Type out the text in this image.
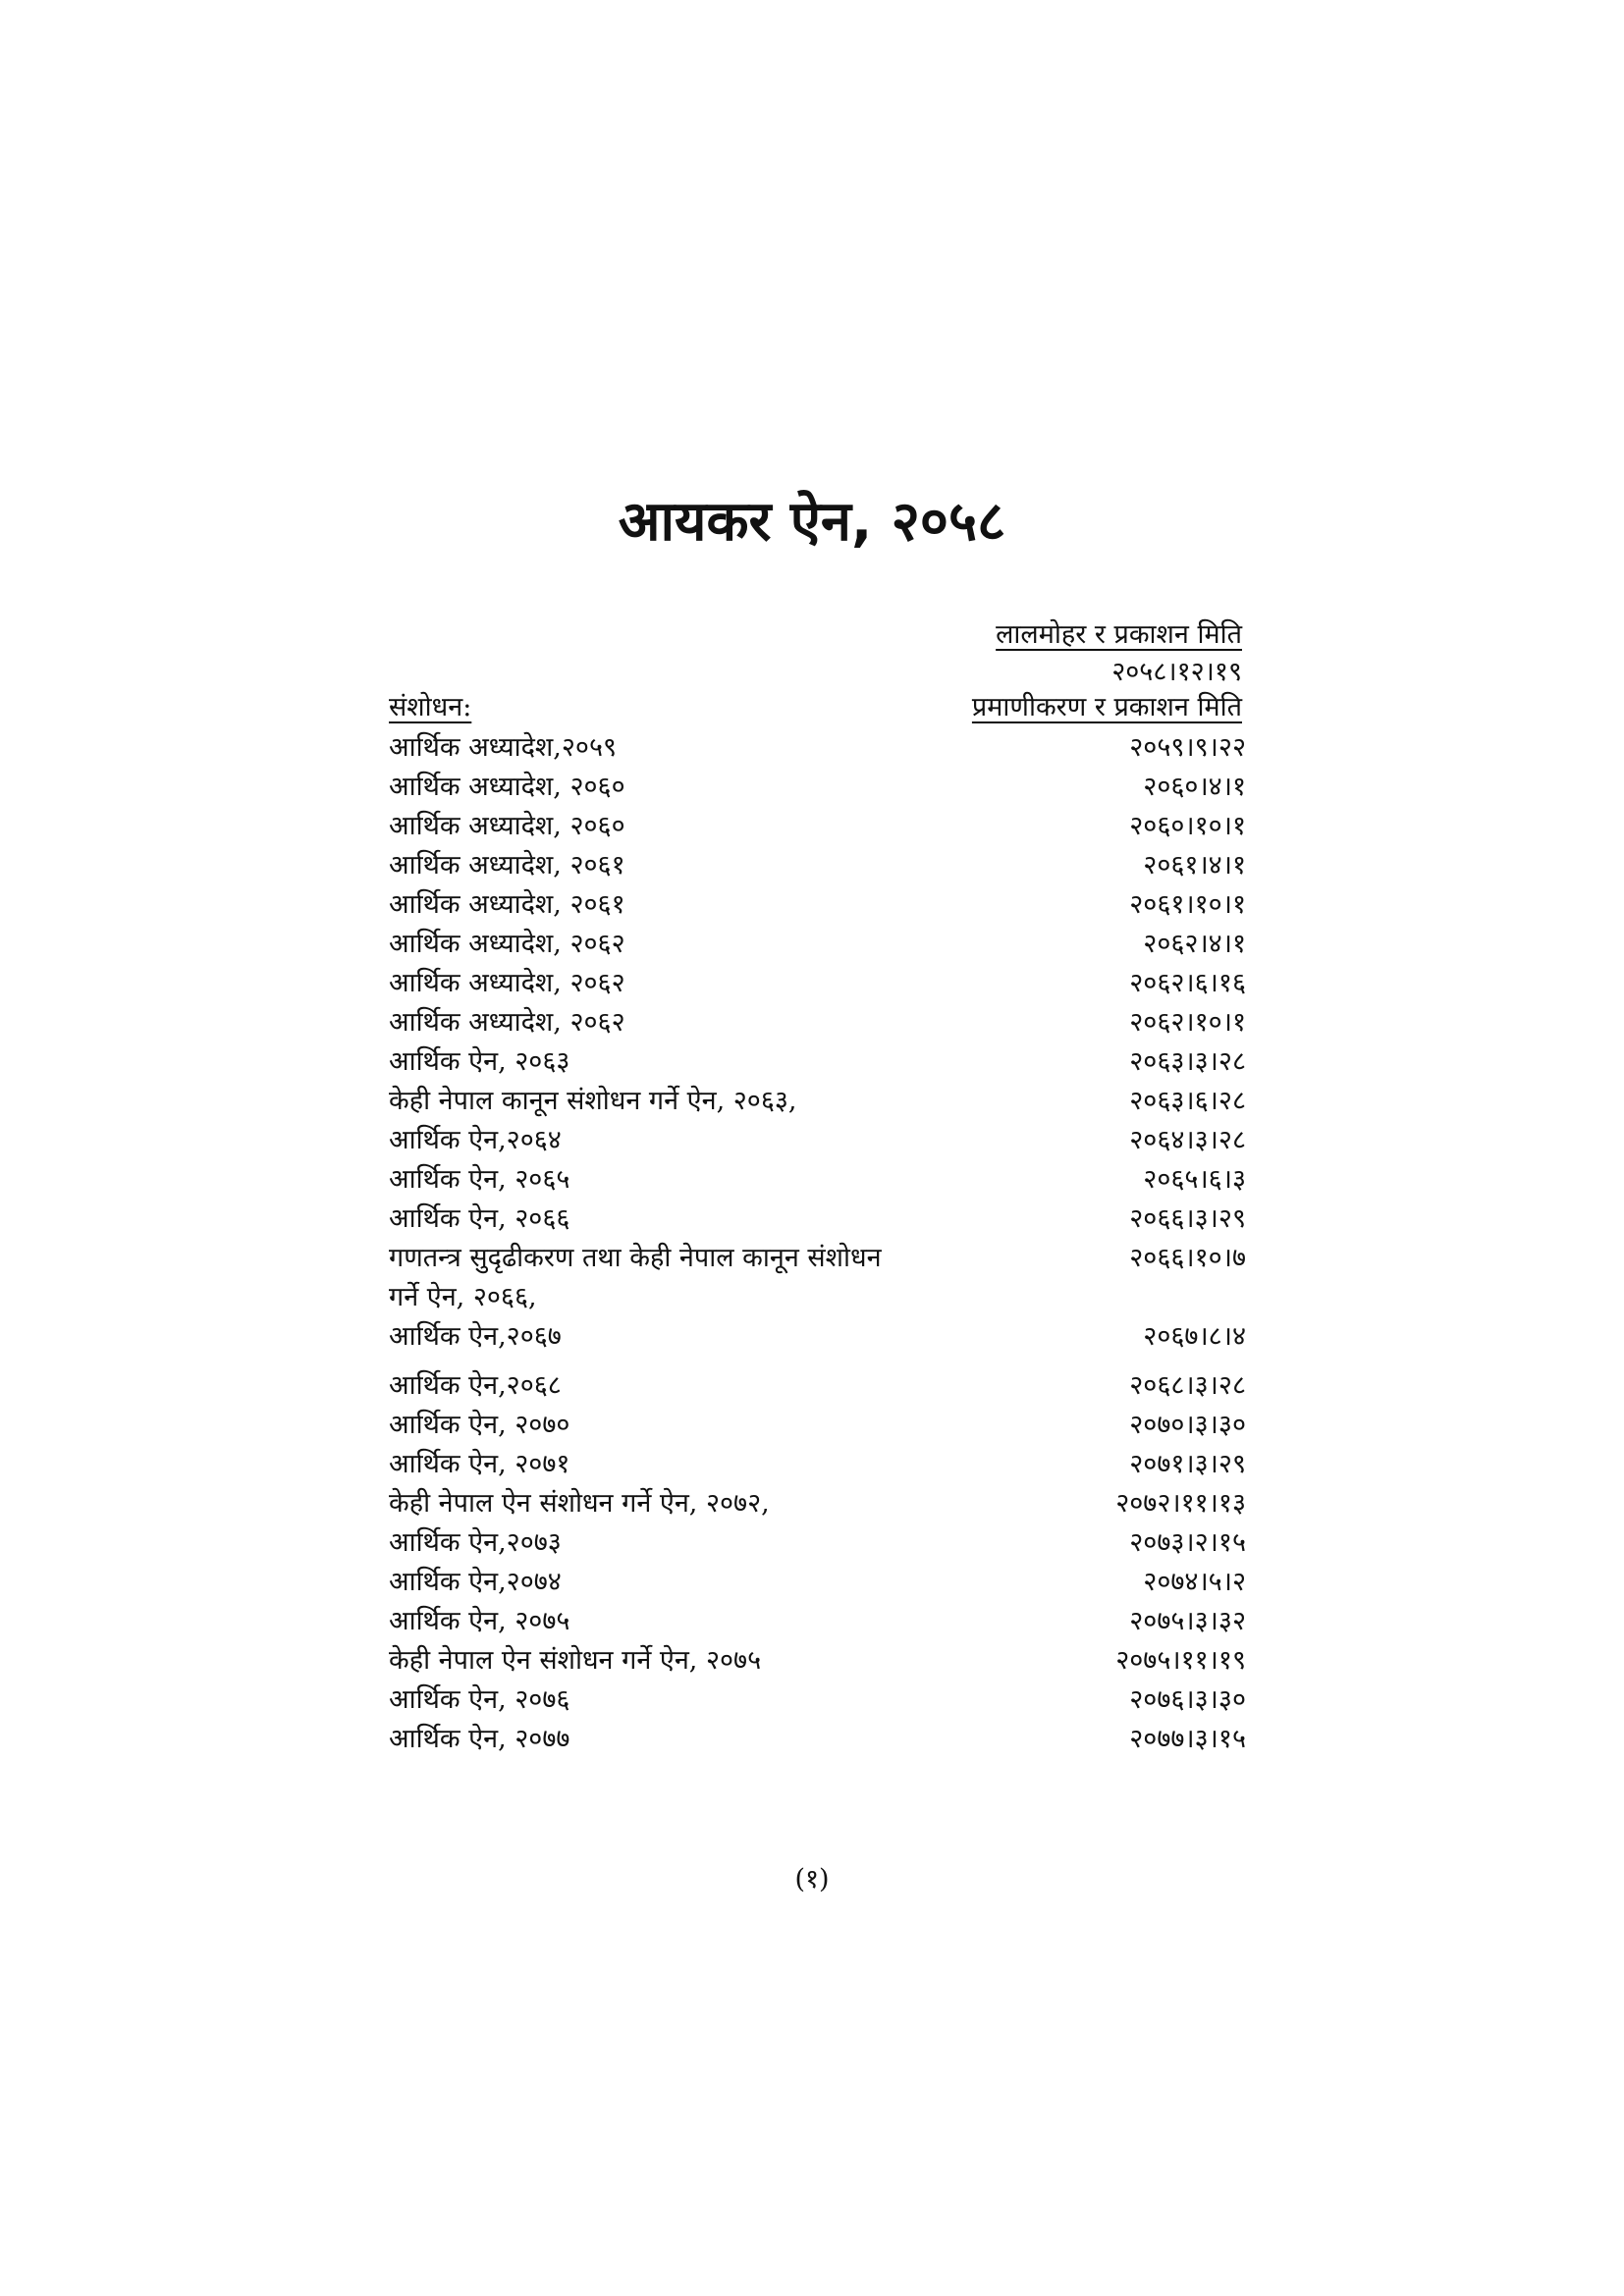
आयकर ऐन, २०५८
लालमोहर र प्रकाशन मिति
२०५८।१२।१९
संशोधन:	प्रमाणीकरण र प्रकाशन मिति
आर्थिक अध्यादेश,२०५९	२०५९।९।२२
आर्थिक अध्यादेश, २०६०	२०६०।४।१
आर्थिक अध्यादेश, २०६०	२०६०।१०।१
आर्थिक अध्यादेश, २०६१	२०६१।४।१
आर्थिक अध्यादेश, २०६१	२०६१।१०।१
आर्थिक अध्यादेश, २०६२	२०६२।४।१
आर्थिक अध्यादेश, २०६२	२०६२।६।१६
आर्थिक अध्यादेश, २०६२	२०६२।१०।१
आर्थिक ऐन, २०६३	२०६३।३।२८
केही नेपाल कानून संशोधन गर्ने ऐन, २०६३,	२०६३।६।२८
आर्थिक ऐन,२०६४	२०६४।३।२८
आर्थिक ऐन, २०६५	२०६५।६।३
आर्थिक ऐन, २०६६	२०६६।३।२९
गणतन्त्र सुदृढीकरण तथा केही नेपाल कानून संशोधन गर्ने ऐन, २०६६,
२०६६।१०।७
आर्थिक ऐन,२०६७	२०६७।८।४
आर्थिक ऐन,२०६८	२०६८।३।२८
आर्थिक ऐन, २०७०	२०७०।३।३०
आर्थिक ऐन, २०७१	२०७१।३।२९
केही नेपाल ऐन संशोधन गर्ने ऐन, २०७२,	२०७२।११।१३
आर्थिक ऐन,२०७३	२०७३।२।१५
आर्थिक ऐन,२०७४	२०७४।५।२
आर्थिक ऐन, २०७५	२०७५।३।३२
केही नेपाल ऐन संशोधन गर्ने ऐन, २०७५	२०७५।११।१९
आर्थिक ऐन, २०७६	२०७६।३।३०
आर्थिक ऐन, २०७७	२०७७।३।१५
(१)
